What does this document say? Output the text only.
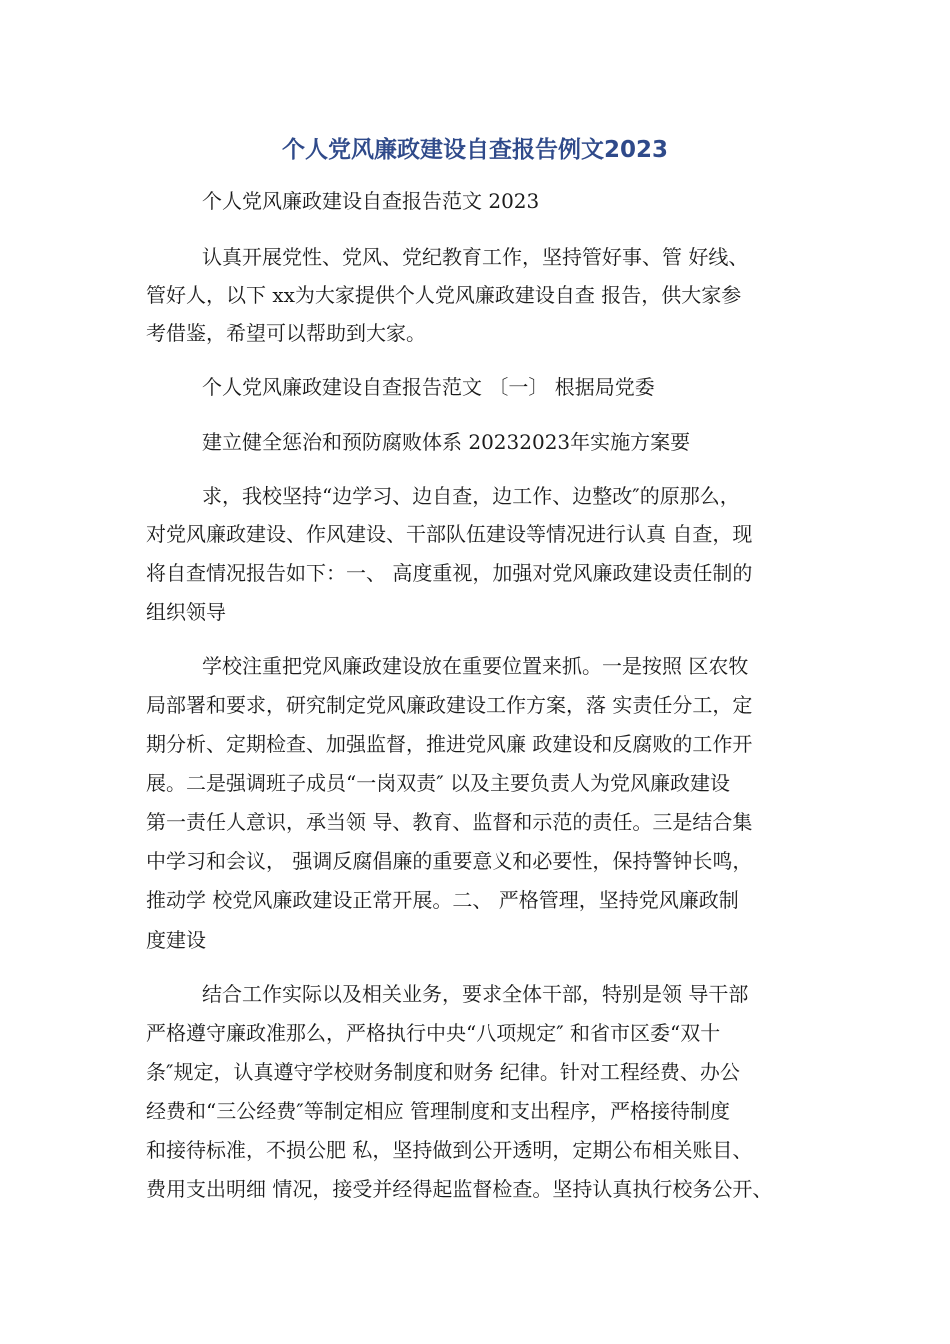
个人党风廉政建设自查报告例文2023
个人党风廉政建设自查报告范文 2023
认真开展党性、党风、党纪教育工作，坚持管好事、管 好线、
管好人，以下 xx为大家提供个人党风廉政建设自查 报告，供大家参
考借鉴，希望可以帮助到大家。
个人党风廉政建设自查报告范文 〔一〕 根据局党委
建立健全惩治和预防腐败体系 20232023年实施方案要
求，我校坚持“边学习、边自查，边工作、边整改″的原那么，
对党风廉政建设、作风建设、干部队伍建设等情况进行认真 自查，现
将自查情况报告如下：一、 高度重视，加强对党风廉政建设责任制的
组织领导
学校注重把党风廉政建设放在重要位置来抓。一是按照 区农牧
局部署和要求，研究制定党风廉政建设工作方案，落 实责任分工，定
期分析、定期检查、加强监督，推进党风廉 政建设和反腐败的工作开
展。二是强调班子成员“一岗双责″ 以及主要负责人为党风廉政建设
第一责任人意识，承当领 导、教育、监督和示范的责任。三是结合集
中学习和会议， 强调反腐倡廉的重要意义和必要性，保持警钟长鸣，
推动学 校党风廉政建设正常开展。二、 严格管理，坚持党风廉政制
度建设
结合工作实际以及相关业务，要求全体干部，特别是领 导干部
严格遵守廉政准那么，严格执行中央“八项规定″ 和省市区委“双十
条″规定，认真遵守学校财务制度和财务 纪律。针对工程经费、办公
经费和“三公经费″等制定相应 管理制度和支出程序，严格接待制度
和接待标准，不损公肥 私，坚持做到公开透明，定期公布相关账目、
费用支出明细 情况，接受并经得起监督检查。坚持认真执行校务公开、
